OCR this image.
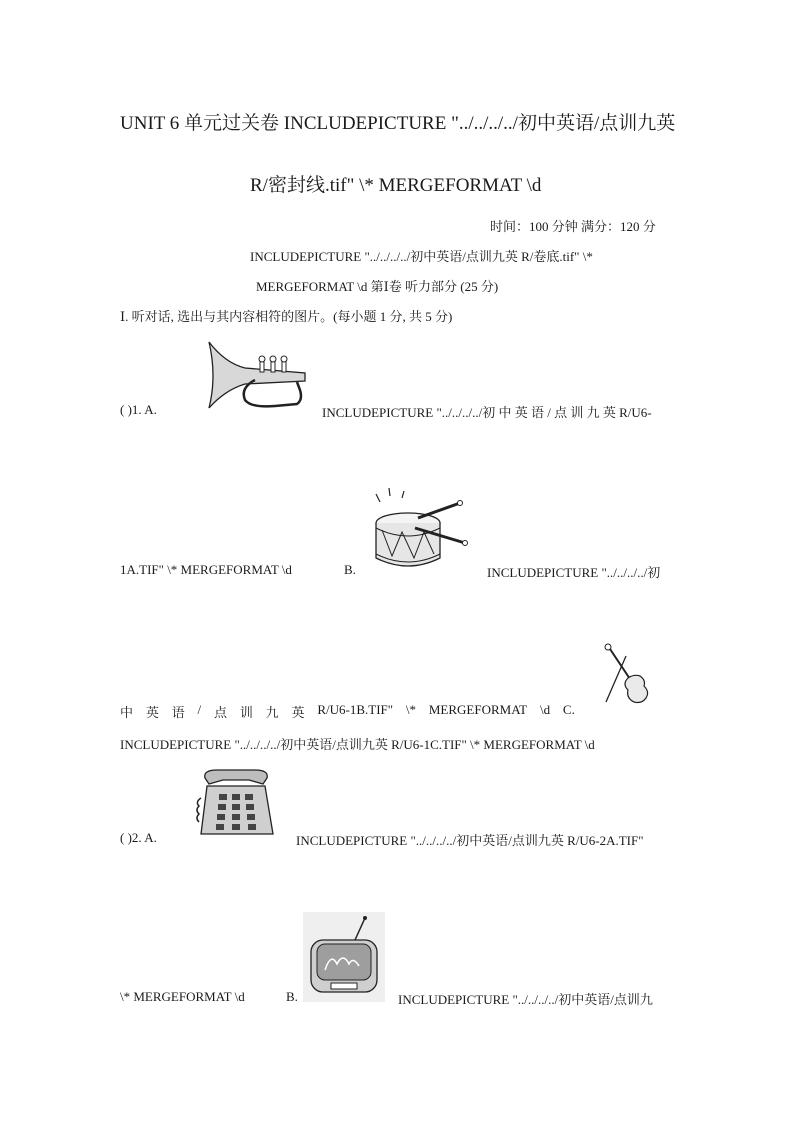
UNIT 6 单元过关卷 INCLUDEPICTURE "../../../../初中英语/点训九英
R/密封线.tif" \* MERGEFORMAT \d
时间：100 分钟 满分：120 分
INCLUDEPICTURE "../../../../初中英语/点训九英 R/卷底.tif" \*
MERGEFORMAT \d 第Ⅰ卷 听力部分 (25 分)
Ⅰ. 听对话, 选出与其内容相符的图片。(每小题 1 分, 共 5 分)
( )1. A.	INCLUDEPICTURE "../../../../初 中 英 语 / 点 训 九 英 R/U6-
1A.TIF" \* MERGEFORMAT \d	B.	INCLUDEPICTURE "../../../../初
中 英 语 / 点 训 九 英 R/U6-1B.TIF" \* MERGEFORMAT \d C.
INCLUDEPICTURE "../../../../初中英语/点训九英 R/U6-1C.TIF" \* MERGEFORMAT \d
( )2. A.	INCLUDEPICTURE "../../../../初中英语/点训九英 R/U6-2A.TIF"
\* MERGEFORMAT \d	B.	INCLUDEPICTURE "../../../../初中英语/点训九
